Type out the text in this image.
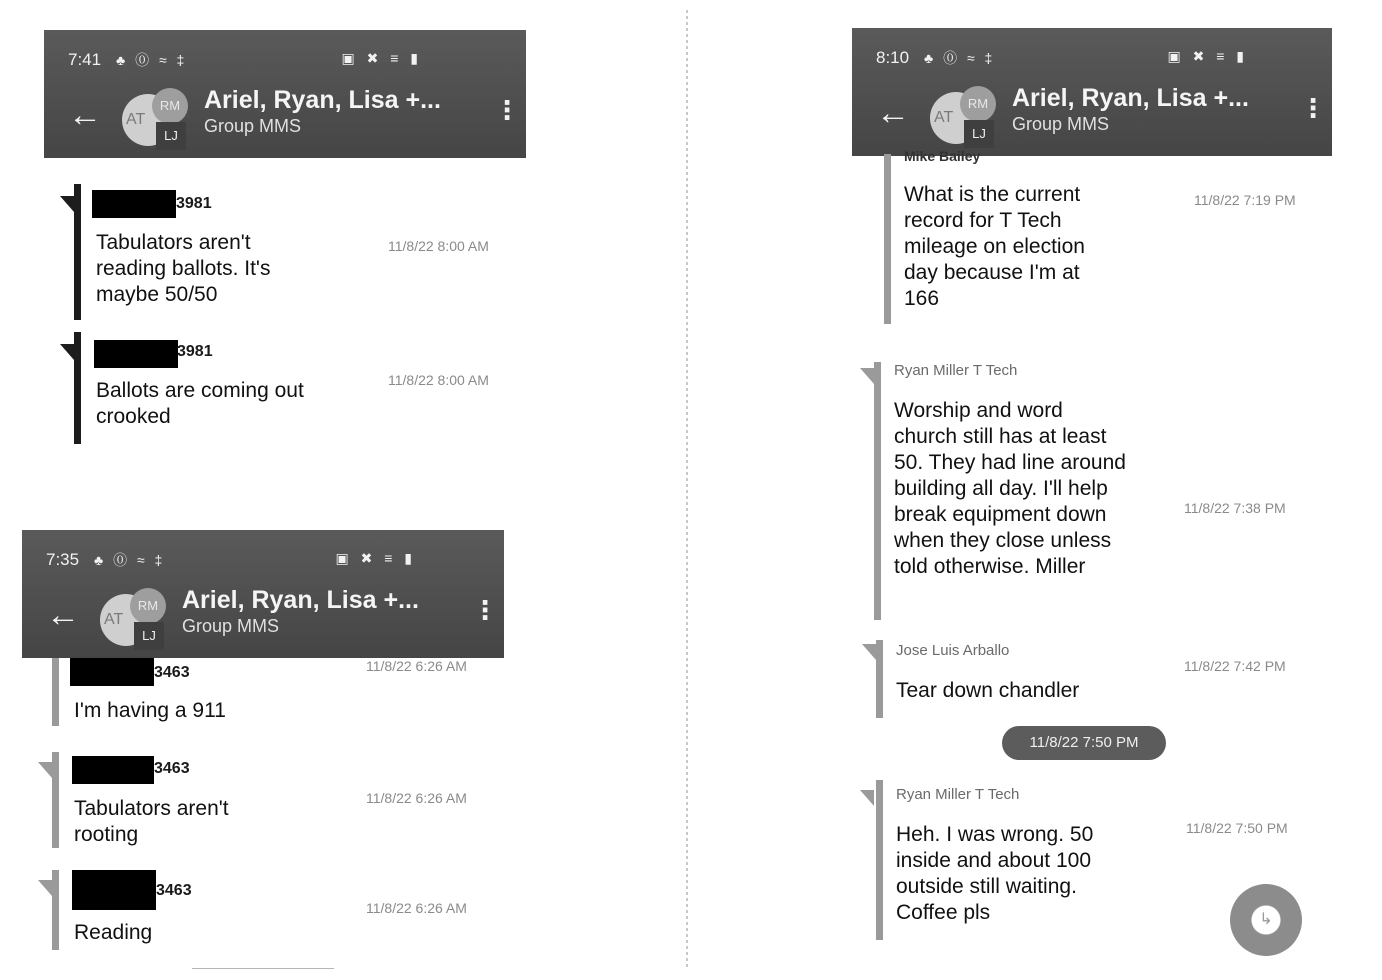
7:41 ♣ ⓪ ≈ ‡	▣ ✖ ≡ ▮
← AT
RM
LJ
Ariel, Ryan, Lisa +...
Group MMS
⋮
3981
Tabulators aren't reading ballots. It's maybe 50/50
11/8/22 8:00 AM
3981
Ballots are coming out crooked
11/8/22 8:00 AM
7:35 ♣ ⓪ ≈ ‡	▣ ✖ ≡ ▮
← AT
RM
LJ
Ariel, Ryan, Lisa +...
Group MMS
⋮
3463
I'm having a 911
11/8/22 6:26 AM
3463
Tabulators aren't rooting
11/8/22 6:26 AM
3463
Reading
11/8/22 6:26 AM
8:10 ♣ ⓪ ≈ ‡	▣ ✖ ≡ ▮
← AT
RM
LJ
Ariel, Ryan, Lisa +...
Group MMS
⋮
Mike Bailey
What is the current record for T Tech mileage on election day because I'm at 166
11/8/22 7:19 PM
Ryan Miller T Tech
Worship and word church still has at least 50. They had line around building all day. I'll help break equipment down when they close unless told otherwise. Miller
11/8/22 7:38 PM
Jose Luis Arballo
Tear down chandler
11/8/22 7:42 PM
11/8/22 7:50 PM
Ryan Miller T Tech
Heh. I was wrong. 50 inside and about 100 outside still waiting. Coffee pls
11/8/22 7:50 PM
↳
